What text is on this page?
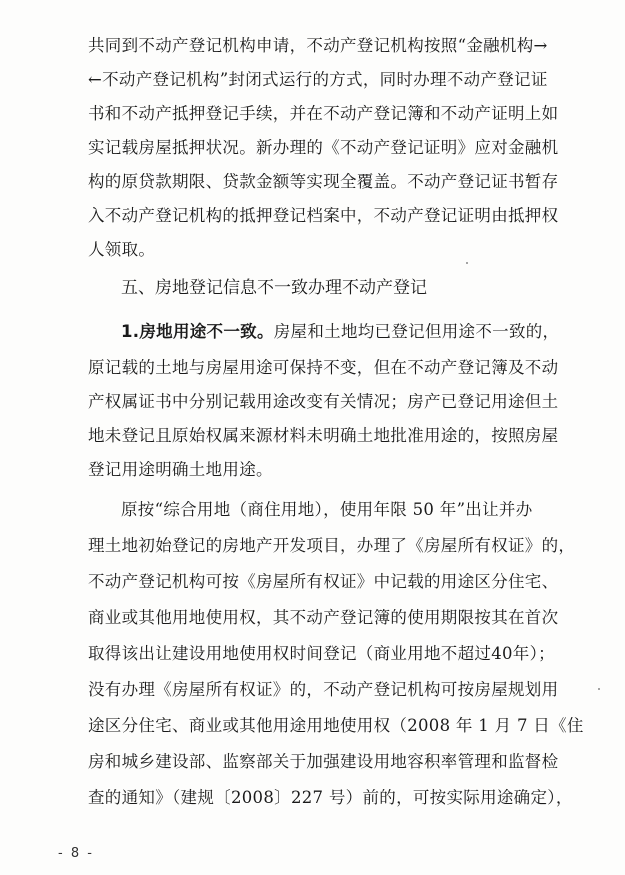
共同到不动产登记机构申请，不动产登记机构按照“金融机构→
←不动产登记机构”封闭式运行的方式，同时办理不动产登记证
书和不动产抵押登记手续，并在不动产登记簿和不动产证明上如
实记载房屋抵押状况。新办理的《不动产登记证明》应对金融机
构的原贷款期限、贷款金额等实现全覆盖。不动产登记证书暂存
入不动产登记机构的抵押登记档案中，不动产登记证明由抵押权
人领取。
五、房地登记信息不一致办理不动产登记
1.房地用途不一致。房屋和土地均已登记但用途不一致的，
原记载的土地与房屋用途可保持不变，但在不动产登记簿及不动
产权属证书中分别记载用途改变有关情况；房产已登记用途但土
地未登记且原始权属来源材料未明确土地批准用途的，按照房屋
登记用途明确土地用途。
原按“综合用地（商住用地），使用年限 50 年”出让并办
理土地初始登记的房地产开发项目，办理了《房屋所有权证》的，
不动产登记机构可按《房屋所有权证》中记载的用途区分住宅、
商业或其他用地使用权，其不动产登记簿的使用期限按其在首次
取得该出让建设用地使用权时间登记（商业用地不超过40年）；
没有办理《房屋所有权证》的，不动产登记机构可按房屋规划用
途区分住宅、商业或其他用途用地使用权（2008 年 1 月 7 日《住
房和城乡建设部、监察部关于加强建设用地容积率管理和监督检
查的通知》（建规〔2008〕227 号）前的，可按实际用途确定），
- 8 -
